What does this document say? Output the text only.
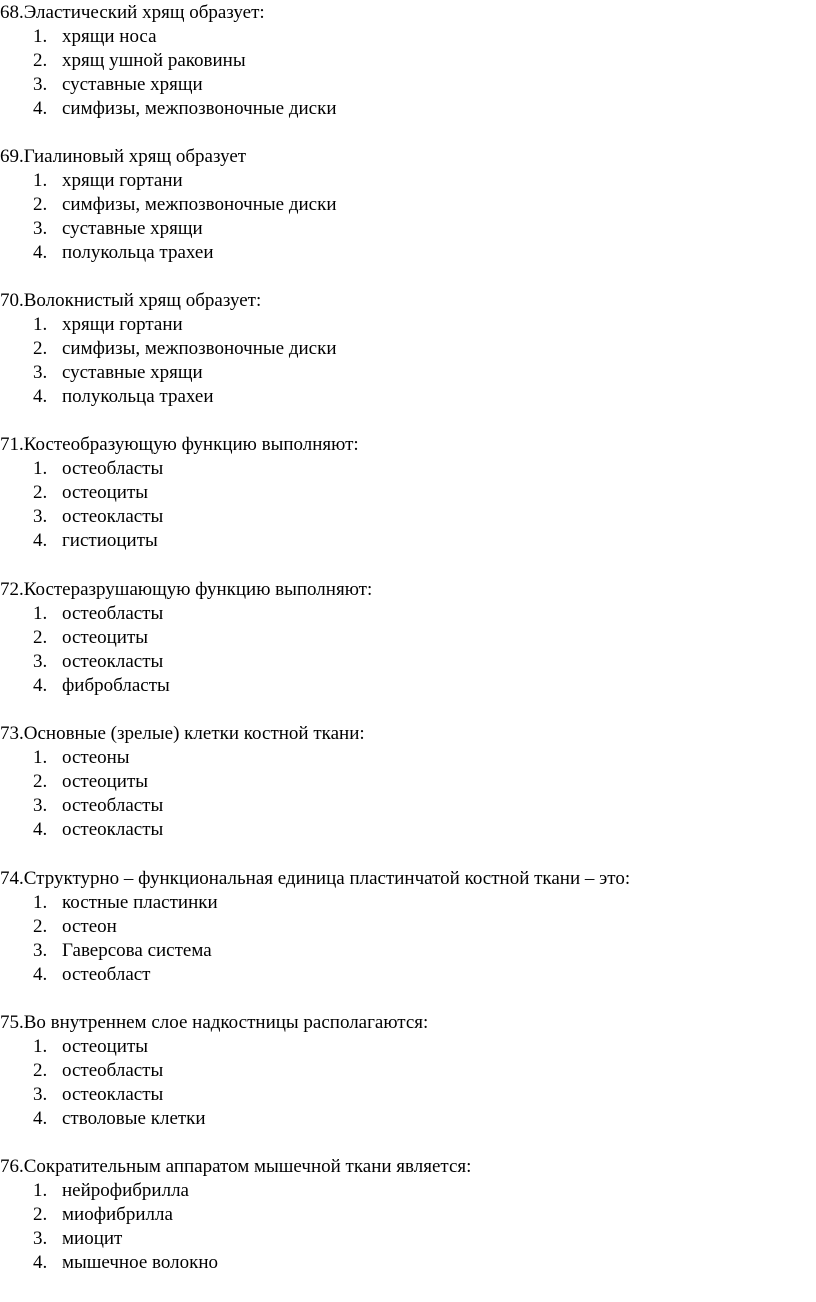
68.Эластический хрящ образует:
1. хрящи носа
2. хрящ ушной раковины
3. суставные хрящи
4. симфизы, межпозвоночные диски
69.Гиалиновый хрящ образует
1. хрящи гортани
2. симфизы, межпозвоночные диски
3. суставные хрящи
4. полукольца трахеи
70.Волокнистый хрящ образует:
1. хрящи гортани
2. симфизы, межпозвоночные диски
3. суставные хрящи
4. полукольца трахеи
71.Костеобразующую функцию выполняют:
1. остеобласты
2. остеоциты
3. остеокласты
4. гистиоциты
72.Костеразрушающую функцию выполняют:
1. остеобласты
2. остеоциты
3. остеокласты
4. фибробласты
73.Основные (зрелые) клетки костной ткани:
1. остеоны
2. остеоциты
3. остеобласты
4. остеокласты
74.Структурно – функциональная единица пластинчатой костной ткани – это:
1. костные пластинки
2. остеон
3. Гаверсова система
4. остеобласт
75.Во внутреннем слое надкостницы располагаются:
1. остеоциты
2. остеобласты
3. остеокласты
4. стволовые клетки
76.Сократительным аппаратом мышечной ткани является:
1. нейрофибрилла
2. миофибрилла
3. миоцит
4. мышечное волокно
